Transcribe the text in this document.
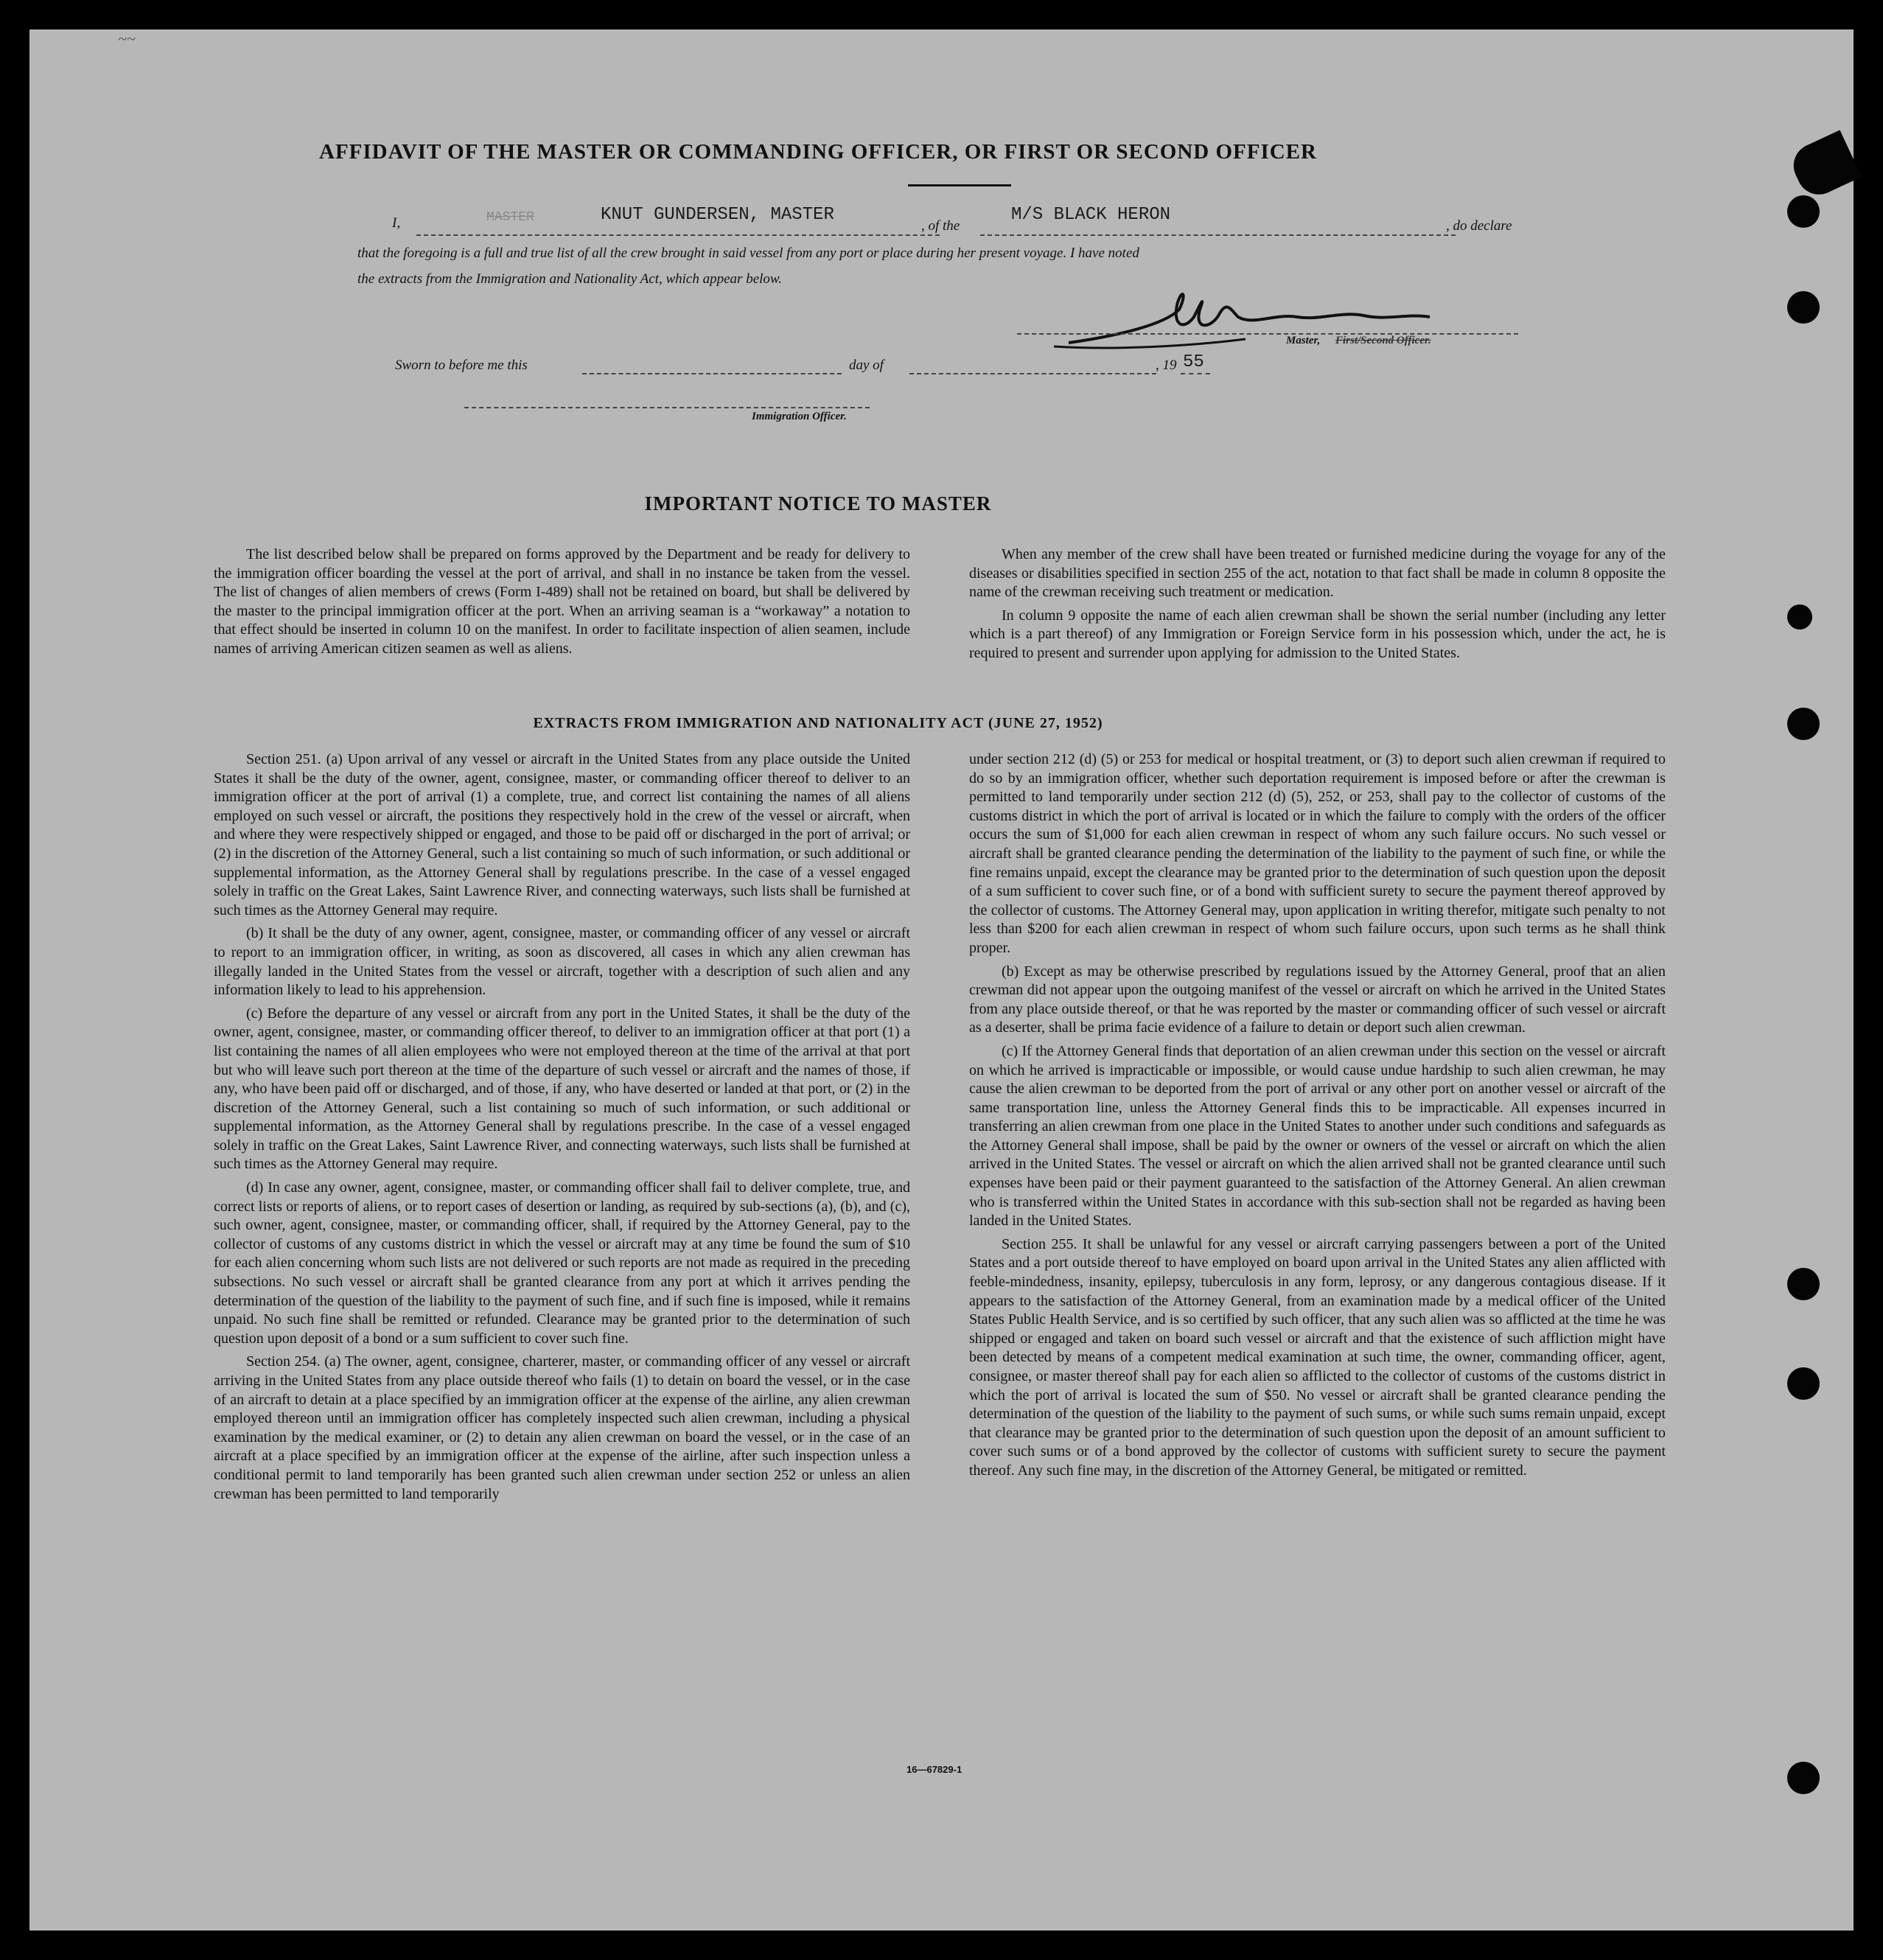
~~
AFFIDAVIT OF THE MASTER OR COMMANDING OFFICER, OR FIRST OR SECOND OFFICER
I,	MASTER	KNUT GUNDERSEN, MASTER
, of the
M/S BLACK HERON
, do declare
that the foregoing is a full and true list of all the crew brought in said vessel from any port or place during her present voyage. I have noted
the extracts from the Immigration and Nationality Act, which appear below.
Master, First/Second Officer.
Sworn to before me this	day of	, 19 55
Immigration Officer.
IMPORTANT NOTICE TO MASTER

The list described below shall be prepared on forms approved by the Department and be ready for delivery to the immigration officer boarding the vessel at the port of arrival, and shall in no instance be taken from the vessel. The list of changes of alien members of crews (Form I-489) shall not be retained on board, but shall be delivered by the master to the principal immigration officer at the port. When an arriving seaman is a “workaway” a notation to that effect should be inserted in column 10 on the manifest. In order to facilitate inspection of alien seamen, include names of arriving American citizen seamen as well as aliens.

When any member of the crew shall have been treated or furnished medicine during the voyage for any of the diseases or disabilities specified in section 255 of the act, notation to that fact shall be made in column 8 opposite the name of the crewman receiving such treatment or medication.

In column 9 opposite the name of each alien crewman shall be shown the serial number (including any letter which is a part thereof) of any Immigration or Foreign Service form in his possession which, under the act, he is required to present and surrender upon applying for admission to the United States.

EXTRACTS FROM IMMIGRATION AND NATIONALITY ACT (JUNE 27, 1952)

Section 251. (a) Upon arrival of any vessel or aircraft in the United States from any place outside the United States it shall be the duty of the owner, agent, consignee, master, or commanding officer thereof to deliver to an immigration officer at the port of arrival (1) a complete, true, and correct list containing the names of all aliens employed on such vessel or aircraft, the positions they respectively hold in the crew of the vessel or aircraft, when and where they were respectively shipped or engaged, and those to be paid off or discharged in the port of arrival; or (2) in the discretion of the Attorney General, such a list containing so much of such information, or such additional or supplemental information, as the Attorney General shall by regulations prescribe. In the case of a vessel engaged solely in traffic on the Great Lakes, Saint Lawrence River, and connecting waterways, such lists shall be furnished at such times as the Attorney General may require.

(b) It shall be the duty of any owner, agent, consignee, master, or commanding officer of any vessel or aircraft to report to an immigration officer, in writing, as soon as discovered, all cases in which any alien crewman has illegally landed in the United States from the vessel or aircraft, together with a description of such alien and any information likely to lead to his apprehension.

(c) Before the departure of any vessel or aircraft from any port in the United States, it shall be the duty of the owner, agent, consignee, master, or commanding officer thereof, to deliver to an immigration officer at that port (1) a list containing the names of all alien employees who were not employed thereon at the time of the arrival at that port but who will leave such port thereon at the time of the departure of such vessel or aircraft and the names of those, if any, who have been paid off or discharged, and of those, if any, who have deserted or landed at that port, or (2) in the discretion of the Attorney General, such a list containing so much of such information, or such additional or supplemental information, as the Attorney General shall by regulations prescribe. In the case of a vessel engaged solely in traffic on the Great Lakes, Saint Lawrence River, and connecting waterways, such lists shall be furnished at such times as the Attorney General may require.

(d) In case any owner, agent, consignee, master, or commanding officer shall fail to deliver complete, true, and correct lists or reports of aliens, or to report cases of desertion or landing, as required by sub-sections (a), (b), and (c), such owner, agent, consignee, master, or commanding officer, shall, if required by the Attorney General, pay to the collector of customs of any customs district in which the vessel or aircraft may at any time be found the sum of $10 for each alien concerning whom such lists are not delivered or such reports are not made as required in the preceding subsections. No such vessel or aircraft shall be granted clearance from any port at which it arrives pending the determination of the question of the liability to the payment of such fine, and if such fine is imposed, while it remains unpaid. No such fine shall be remitted or refunded. Clearance may be granted prior to the determination of such question upon deposit of a bond or a sum sufficient to cover such fine.

Section 254. (a) The owner, agent, consignee, charterer, master, or commanding officer of any vessel or aircraft arriving in the United States from any place outside thereof who fails (1) to detain on board the vessel, or in the case of an aircraft to detain at a place specified by an immigration officer at the expense of the airline, any alien crewman employed thereon until an immigration officer has completely inspected such alien crewman, including a physical examination by the medical examiner, or (2) to detain any alien crewman on board the vessel, or in the case of an aircraft at a place specified by an immigration officer at the expense of the airline, after such inspection unless a conditional permit to land temporarily has been granted such alien crewman under section 252 or unless an alien crewman has been permitted to land temporarily

under section 212 (d) (5) or 253 for medical or hospital treatment, or (3) to deport such alien crewman if required to do so by an immigration officer, whether such deportation requirement is imposed before or after the crewman is permitted to land temporarily under section 212 (d) (5), 252, or 253, shall pay to the collector of customs of the customs district in which the port of arrival is located or in which the failure to comply with the orders of the officer occurs the sum of $1,000 for each alien crewman in respect of whom any such failure occurs. No such vessel or aircraft shall be granted clearance pending the determination of the liability to the payment of such fine, or while the fine remains unpaid, except the clearance may be granted prior to the determination of such question upon the deposit of a sum sufficient to cover such fine, or of a bond with sufficient surety to secure the payment thereof approved by the collector of customs. The Attorney General may, upon application in writing therefor, mitigate such penalty to not less than $200 for each alien crewman in respect of whom such failure occurs, upon such terms as he shall think proper.

(b) Except as may be otherwise prescribed by regulations issued by the Attorney General, proof that an alien crewman did not appear upon the outgoing manifest of the vessel or aircraft on which he arrived in the United States from any place outside thereof, or that he was reported by the master or commanding officer of such vessel or aircraft as a deserter, shall be prima facie evidence of a failure to detain or deport such alien crewman.

(c) If the Attorney General finds that deportation of an alien crewman under this section on the vessel or aircraft on which he arrived is impracticable or impossible, or would cause undue hardship to such alien crewman, he may cause the alien crewman to be deported from the port of arrival or any other port on another vessel or aircraft of the same transportation line, unless the Attorney General finds this to be impracticable. All expenses incurred in transferring an alien crewman from one place in the United States to another under such conditions and safeguards as the Attorney General shall impose, shall be paid by the owner or owners of the vessel or aircraft on which the alien arrived in the United States. The vessel or aircraft on which the alien arrived shall not be granted clearance until such expenses have been paid or their payment guaranteed to the satisfaction of the Attorney General. An alien crewman who is transferred within the United States in accordance with this sub-section shall not be regarded as having been landed in the United States.

Section 255. It shall be unlawful for any vessel or aircraft carrying passengers between a port of the United States and a port outside thereof to have employed on board upon arrival in the United States any alien afflicted with feeble-mindedness, insanity, epilepsy, tuberculosis in any form, leprosy, or any dangerous contagious disease. If it appears to the satisfaction of the Attorney General, from an examination made by a medical officer of the United States Public Health Service, and is so certified by such officer, that any such alien was so afflicted at the time he was shipped or engaged and taken on board such vessel or aircraft and that the existence of such affliction might have been detected by means of a competent medical examination at such time, the owner, commanding officer, agent, consignee, or master thereof shall pay for each alien so afflicted to the collector of customs of the customs district in which the port of arrival is located the sum of $50. No vessel or aircraft shall be granted clearance pending the determination of the question of the liability to the payment of such sums, or while such sums remain unpaid, except that clearance may be granted prior to the determination of such question upon the deposit of an amount sufficient to cover such sums or of a bond approved by the collector of customs with sufficient surety to secure the payment thereof. Any such fine may, in the discretion of the Attorney General, be mitigated or remitted.

16—67829-1
